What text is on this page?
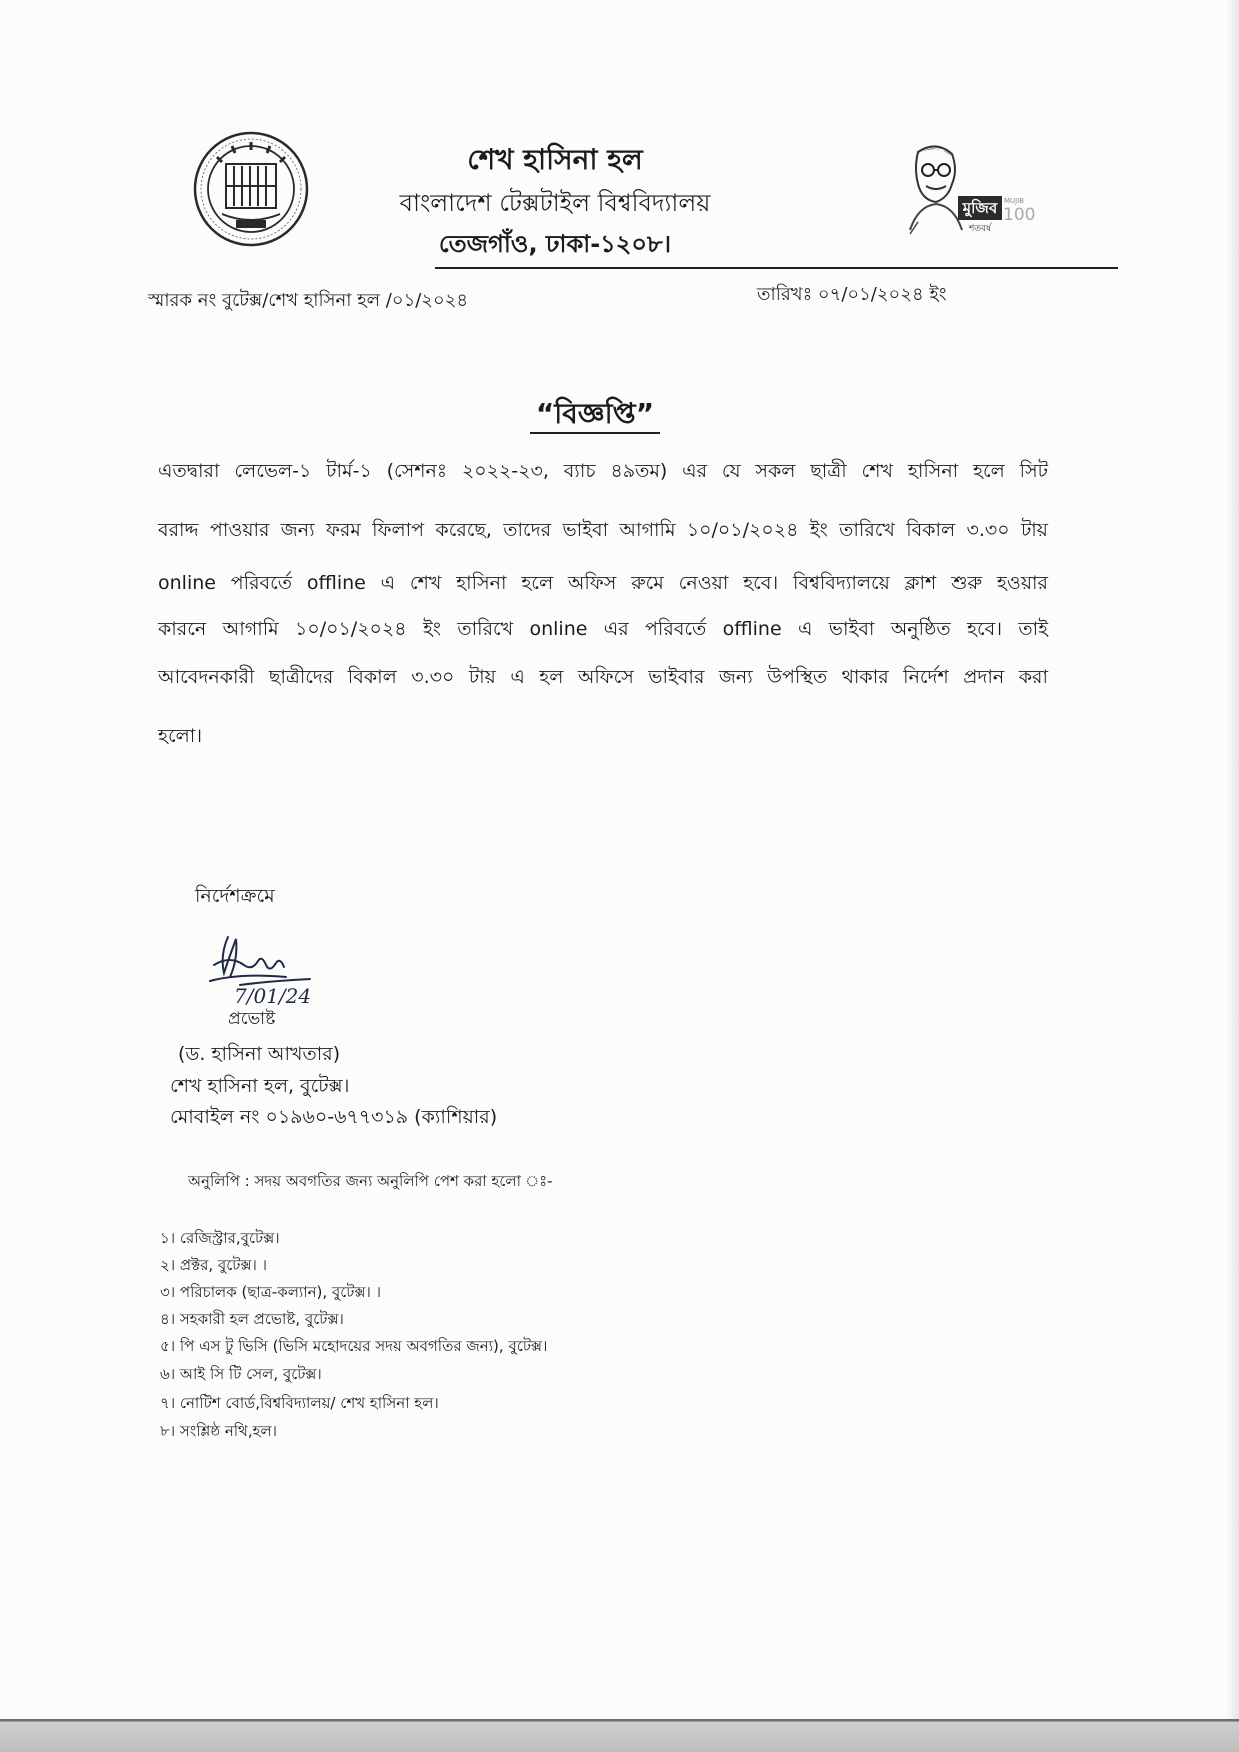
শেখ হাসিনা হল
বাংলাদেশ টেক্সটাইল বিশ্ববিদ্যালয়
তেজগাঁও, ঢাকা-১২০৮।
মুজিব
শতবর্ষ
MUJIB
100
স্মারক নং বুটেক্স/শেখ হাসিনা হল /০১/২০২৪	তারিখঃ ০৭/০১/২০২৪ ইং
“বিজ্ঞপ্তি”
এতদ্বারা লেভেল-১ টার্ম-১ (সেশনঃ ২০২২-২৩, ব্যাচ ৪৯তম) এর যে সকল ছাত্রী শেখ হাসিনা হলে সিট
বরাদ্দ পাওয়ার জন্য ফরম ফিলাপ করেছে, তাদের ভাইবা আগামি ১০/০১/২০২৪ ইং তারিখে বিকাল ৩.৩০ টায়
online পরিবর্তে offline এ শেখ হাসিনা হলে অফিস রুমে নেওয়া হবে। বিশ্ববিদ্যালয়ে ক্লাশ শুরু হওয়ার
কারনে আগামি ১০/০১/২০২৪ ইং তারিখে online এর পরিবর্তে offline এ ভাইবা অনুষ্ঠিত হবে। তাই
আবেদনকারী ছাত্রীদের বিকাল ৩.৩০ টায় এ হল অফিসে ভাইবার জন্য উপস্থিত থাকার নির্দেশ প্রদান করা
হলো।
নির্দেশক্রমে
7/01/24
প্রভোষ্ট
(ড. হাসিনা আখতার)
শেখ হাসিনা হল, বুটেক্স।
মোবাইল নং ০১৯৬০-৬৭৭৩১৯ (ক্যাশিয়ার)
অনুলিপি : সদয় অবগতির জন্য অনুলিপি পেশ করা হলো ঃ-
১। রেজিস্ট্রার,বুটেক্স।
২। প্রক্টর, বুটেক্স। ।
৩। পরিচালক (ছাত্র-কল্যান), বুটেক্স। ।
৪। সহকারী হল প্রভোষ্ট, বুটেক্স।
৫। পি এস টু ভিসি (ভিসি মহোদয়ের সদয় অবগতির জন্য), বুটেক্স।
৬। আই সি টি সেল, বুটেক্স।
৭। নোটিশ বোর্ড,বিশ্ববিদ্যালয়/ শেখ হাসিনা হল।
৮। সংশ্লিষ্ঠ নথি,হল।
